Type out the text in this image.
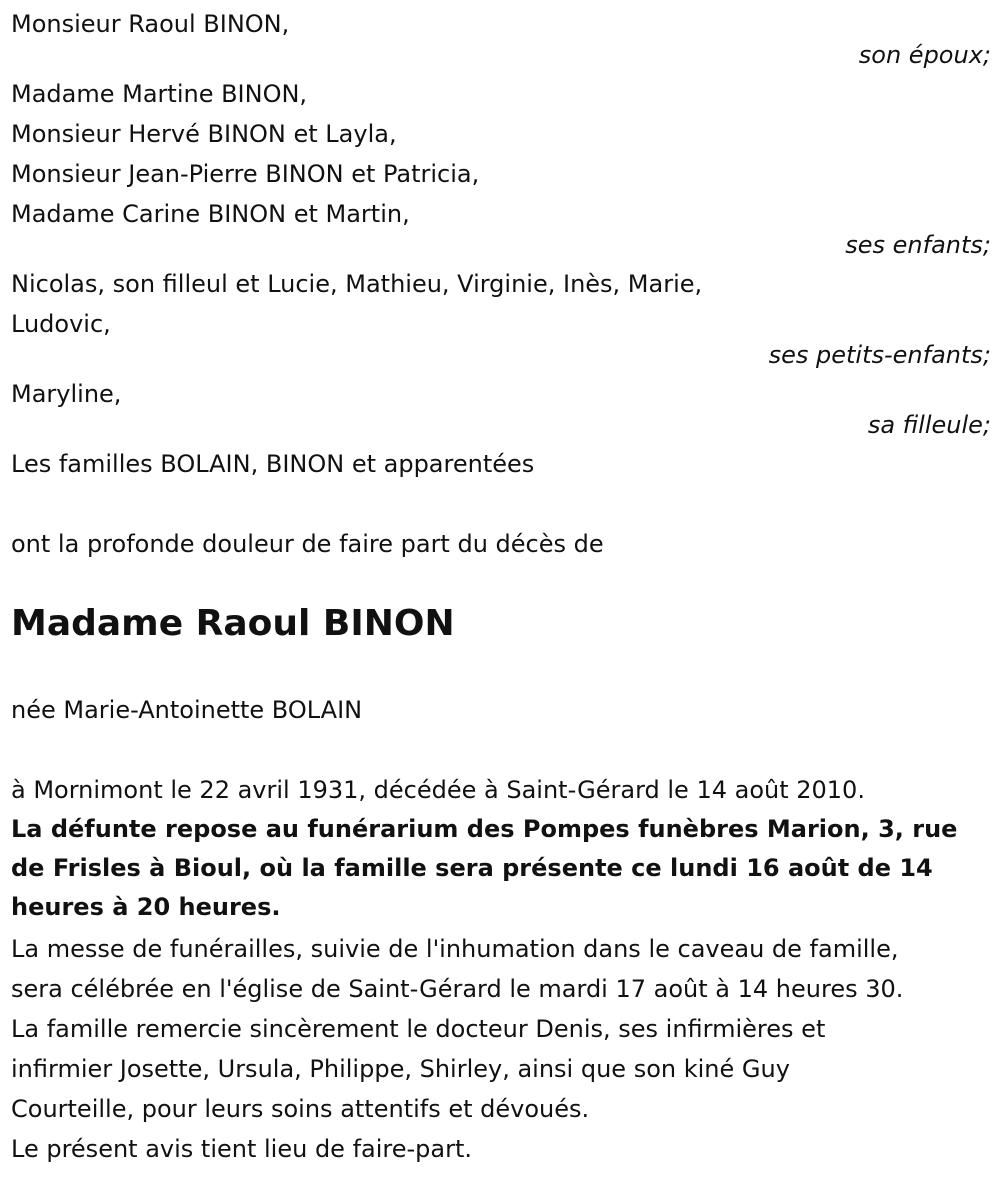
Monsieur Raoul BINON,
son époux;
Madame Martine BINON,
Monsieur Hervé BINON et Layla,
Monsieur Jean-Pierre BINON et Patricia,
Madame Carine BINON et Martin,
ses enfants;
Nicolas, son filleul et Lucie, Mathieu, Virginie, Inès, Marie,
Ludovic,
ses petits-enfants;
Maryline,
sa filleule;
Les familles BOLAIN, BINON et apparentées
ont la profonde douleur de faire part du décès de
Madame Raoul BINON
née Marie-Antoinette BOLAIN
à Mornimont le 22 avril 1931, décédée à Saint-Gérard le 14 août 2010.
La défunte repose au funérarium des Pompes funèbres Marion, 3, rue
de Frisles à Bioul, où la famille sera présente ce lundi 16 août de 14
heures à 20 heures.
La messe de funérailles, suivie de l'inhumation dans le caveau de famille,
sera célébrée en l'église de Saint-Gérard le mardi 17 août à 14 heures 30.
La famille remercie sincèrement le docteur Denis, ses infirmières et
infirmier Josette, Ursula, Philippe, Shirley, ainsi que son kiné Guy
Courteille, pour leurs soins attentifs et dévoués.
Le présent avis tient lieu de faire-part.
